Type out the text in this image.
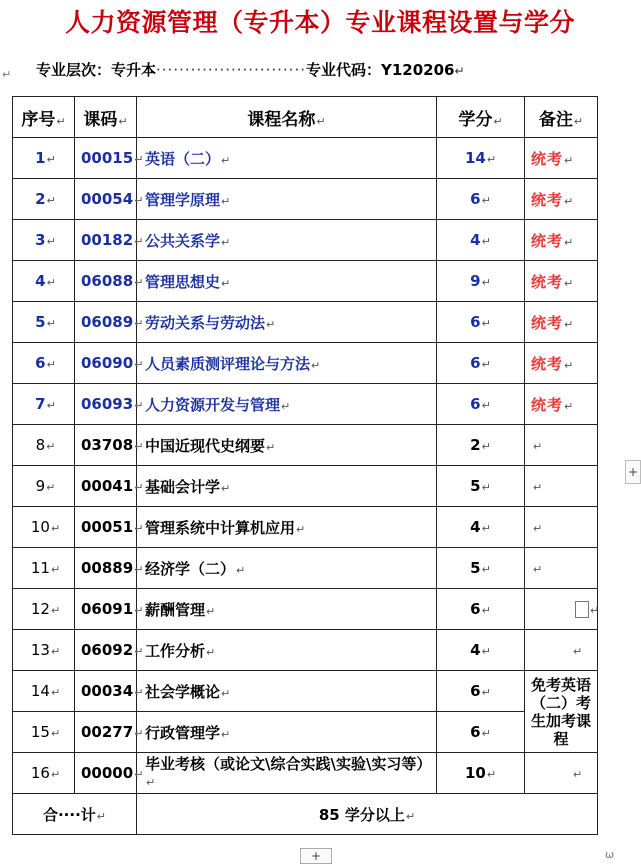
人力资源管理（专升本）专业课程设置与学分
专业层次：专升本··························专业代码：Y120206↵
序号↵	课码↵	课程名称↵	学分↵	备注↵
1↵	00015↵	英语（二）↵	14↵	统考↵
2↵	00054↵	管理学原理↵	6↵	统考↵
3↵	00182↵	公共关系学↵	4↵	统考↵
4↵	06088↵	管理思想史↵	9↵	统考↵
5↵	06089↵	劳动关系与劳动法↵	6↵	统考↵
6↵	06090↵	人员素质测评理论与方法↵	6↵	统考↵
7↵	06093↵	人力资源开发与管理↵	6↵	统考↵
8↵	03708↵	中国近现代史纲要↵	2↵	↵
9↵	00041↵	基础会计学↵	5↵	↵
10↵	00051↵	管理系统中计算机应用↵	4↵	↵
11↵	00889↵	经济学（二）↵	5↵	↵
12↵	06091↵	薪酬管理↵	6↵	↵
13↵	06092↵	工作分析↵	4↵	↵
14↵	00034↵	社会学概论↵	6↵	免考英语（二）考生加考课程
15↵	00277↵	行政管理学↵	6↵	
16↵	00000↵	毕业考核（或论文\综合实践\实验\实习等）↵	10↵	↵
合····计↵		85 学分以上↵		
+
+
↵
ω
